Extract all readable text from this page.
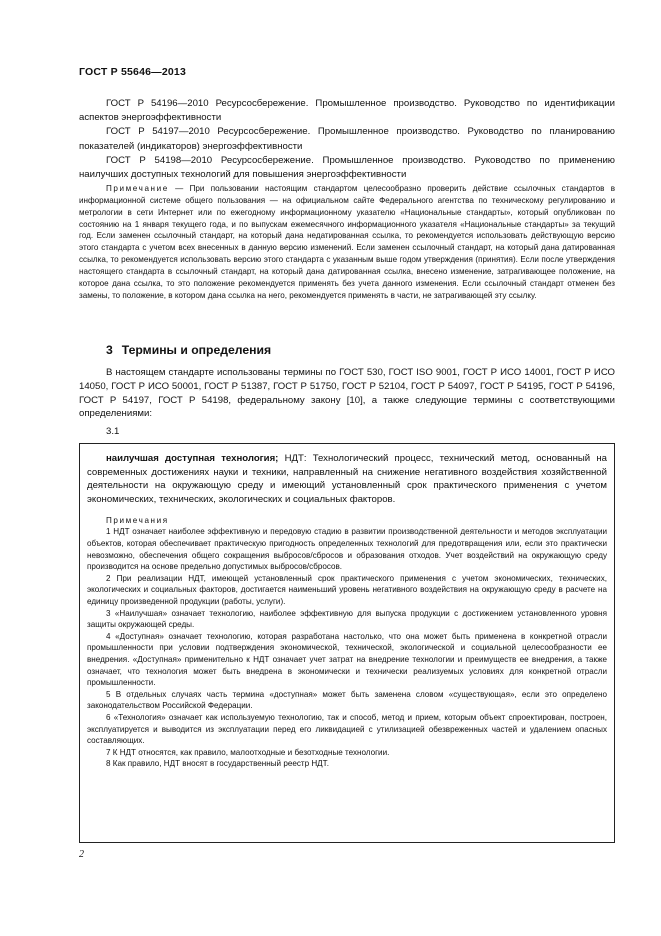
ГОСТ Р 55646—2013

ГОСТ Р 54196—2010 Ресурсосбережение. Промышленное производство. Руководство по идентификации аспектов энергоэффективности

ГОСТ Р 54197—2010 Ресурсосбережение. Промышленное производство. Руководство по планированию показателей (индикаторов) энергоэффективности

ГОСТ Р 54198—2010 Ресурсосбережение. Промышленное производство. Руководство по применению наилучших доступных технологий для повышения энергоэффективности

Примечание — При пользовании настоящим стандартом целесообразно проверить действие ссылочных стандартов в информационной системе общего пользования — на официальном сайте Федерального агентства по техническому регулированию и метрологии в сети Интернет или по ежегодному информационному указателю «Национальные стандарты», который опубликован по состоянию на 1 января текущего года, и по выпускам ежемесячного информационного указателя «Национальные стандарты» за текущий год. Если заменен ссылочный стандарт, на который дана недатированная ссылка, то рекомендуется использовать действующую версию этого стандарта с учетом всех внесенных в данную версию изменений. Если заменен ссылочный стандарт, на который дана датированная ссылка, то рекомендуется использовать версию этого стандарта с указанным выше годом утверждения (принятия). Если после утверждения настоящего стандарта в ссылочный стандарт, на который дана датированная ссылка, внесено изменение, затрагивающее положение, на которое дана ссылка, то это положение рекомендуется применять без учета данного изменения. Если ссылочный стандарт отменен без замены, то положение, в котором дана ссылка на него, рекомендуется применять в части, не затрагивающей эту ссылку.

3 Термины и определения

В настоящем стандарте использованы термины по ГОСТ 530, ГОСТ ISO 9001, ГОСТ Р ИСО 14001, ГОСТ Р ИСО 14050, ГОСТ Р ИСО 50001, ГОСТ Р 51387, ГОСТ Р 51750, ГОСТ Р 52104, ГОСТ Р 54097, ГОСТ Р 54195, ГОСТ Р 54196, ГОСТ Р 54197, ГОСТ Р 54198, федеральному закону [10], а также следующие термины с соответствующими определениями:

3.1

наилучшая доступная технология; НДТ: Технологический процесс, технический метод, основанный на современных достижениях науки и техники, направленный на снижение негативного воздействия хозяйственной деятельности на окружающую среду и имеющий установленный срок практического применения с учетом экономических, технических, экологических и социальных факторов.

Примечания

1 НДТ означает наиболее эффективную и передовую стадию в развитии производственной деятельности и методов эксплуатации объектов, которая обеспечивает практическую пригодность определенных технологий для предотвращения или, если это практически невозможно, обеспечения общего сокращения выбросов/сбросов и образования отходов. Учет воздействий на окружающую среду производится на основе предельно допустимых выбросов/сбросов.

2 При реализации НДТ, имеющей установленный срок практического применения с учетом экономических, технических, экологических и социальных факторов, достигается наименьший уровень негативного воздействия на окружающую среду в расчете на единицу произведенной продукции (работы, услуги).

3 «Наилучшая» означает технологию, наиболее эффективную для выпуска продукции с достижением установленного уровня защиты окружающей среды.

4 «Доступная» означает технологию, которая разработана настолько, что она может быть применена в конкретной отрасли промышленности при условии подтверждения экономической, технической, экологической и социальной целесообразности ее внедрения. «Доступная» применительно к НДТ означает учет затрат на внедрение технологии и преимуществ ее внедрения, а также означает, что технология может быть внедрена в экономически и технически реализуемых условиях для конкретной отрасли промышленности.

5 В отдельных случаях часть термина «доступная» может быть заменена словом «существующая», если это определено законодательством Российской Федерации.

6 «Технология» означает как используемую технологию, так и способ, метод и прием, которым объект спроектирован, построен, эксплуатируется и выводится из эксплуатации перед его ликвидацией с утилизацией обезвреженных частей и удалением опасных составляющих.

7 К НДТ относятся, как правило, малоотходные и безотходные технологии.

8 Как правило, НДТ вносят в государственный реестр НДТ.

2
